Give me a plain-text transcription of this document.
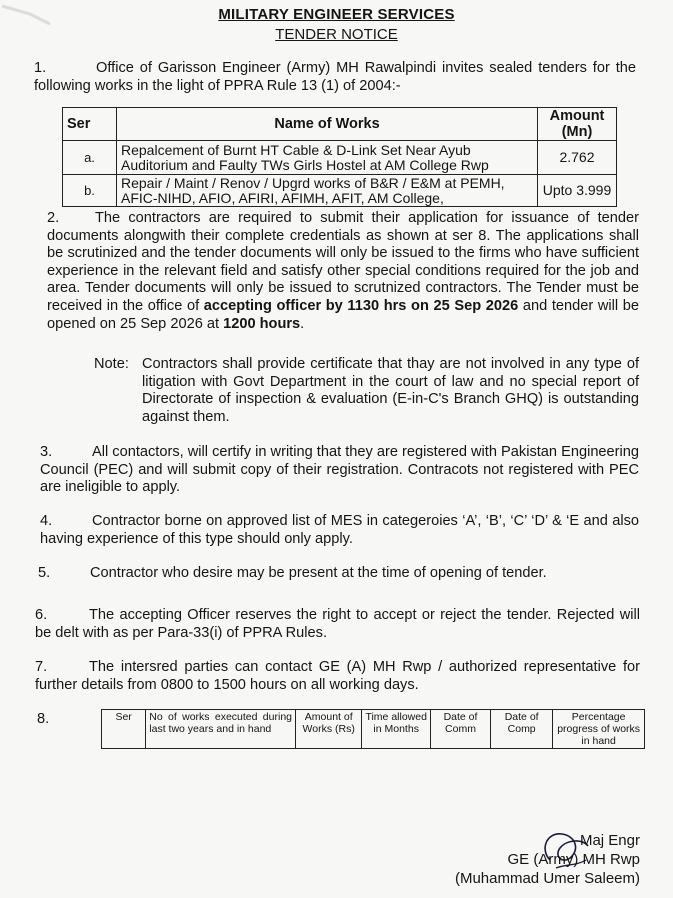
MILITARY ENGINEER SERVICES
TENDER NOTICE
1.	Office of Garisson Engineer (Army) MH Rawalpindi invites sealed tenders for the following works in the light of PPRA Rule 13 (1) of 2004:-
Ser	Name of Works	Amount (Mn)
a.	Repalcement of Burnt HT Cable & D-Link Set Near Ayub Auditorium and Faulty TWs Girls Hostel at AM College Rwp	2.762
b.	Repair / Maint / Renov / Upgrd works of B&R / E&M at PEMH, AFIC-NIHD, AFIO, AFIRI, AFIMH, AFIT, AM College,	Upto 3.999
2. The contractors are required to submit their application for issuance of tender documents alongwith their complete credentials as shown at ser 8. The applications shall be scrutinized and the tender documents will only be issued to the firms who have sufficient experience in the relevant field and satisfy other special conditions required for the job and area. Tender documents will only be issued to scrutnized contractors. The Tender must be received in the office of accepting officer by 1130 hrs on 25 Sep 2026 and tender will be opened on 25 Sep 2026 at 1200 hours.
Note: Contractors shall provide certificate that thay are not involved in any type of litigation with Govt Department in the court of law and no special report of Directorate of inspection & evaluation (E-in-C's Branch GHQ) is outstanding against them.
3.	All contactors, will certify in writing that they are registered with Pakistan Engineering Council (PEC) and will submit copy of their registration. Contracots not registered with PEC are ineligible to apply.
4.	Contractor borne on approved list of MES in categeroies ‘A’, ‘B’, ‘C’ ‘D’ & ‘E and also having experience of this type should only apply.
5.	Contractor who desire may be present at the time of opening of tender.
6.	The accepting Officer reserves the right to accept or reject the tender. Rejected will be delt with as per Para-33(i) of PPRA Rules.
7.	The intersred parties can contact GE (A) MH Rwp / authorized representative for further details from 0800 to 1500 hours on all working days.
8.	Ser	No of works executed during last two years and in hand	Amount of Works (Rs)	Time allowed in Months	Date of Comm	Date of Comp	Percentage progress of works in hand
Maj Engr
GE (Army) MH Rwp
(Muhammad Umer Saleem)
